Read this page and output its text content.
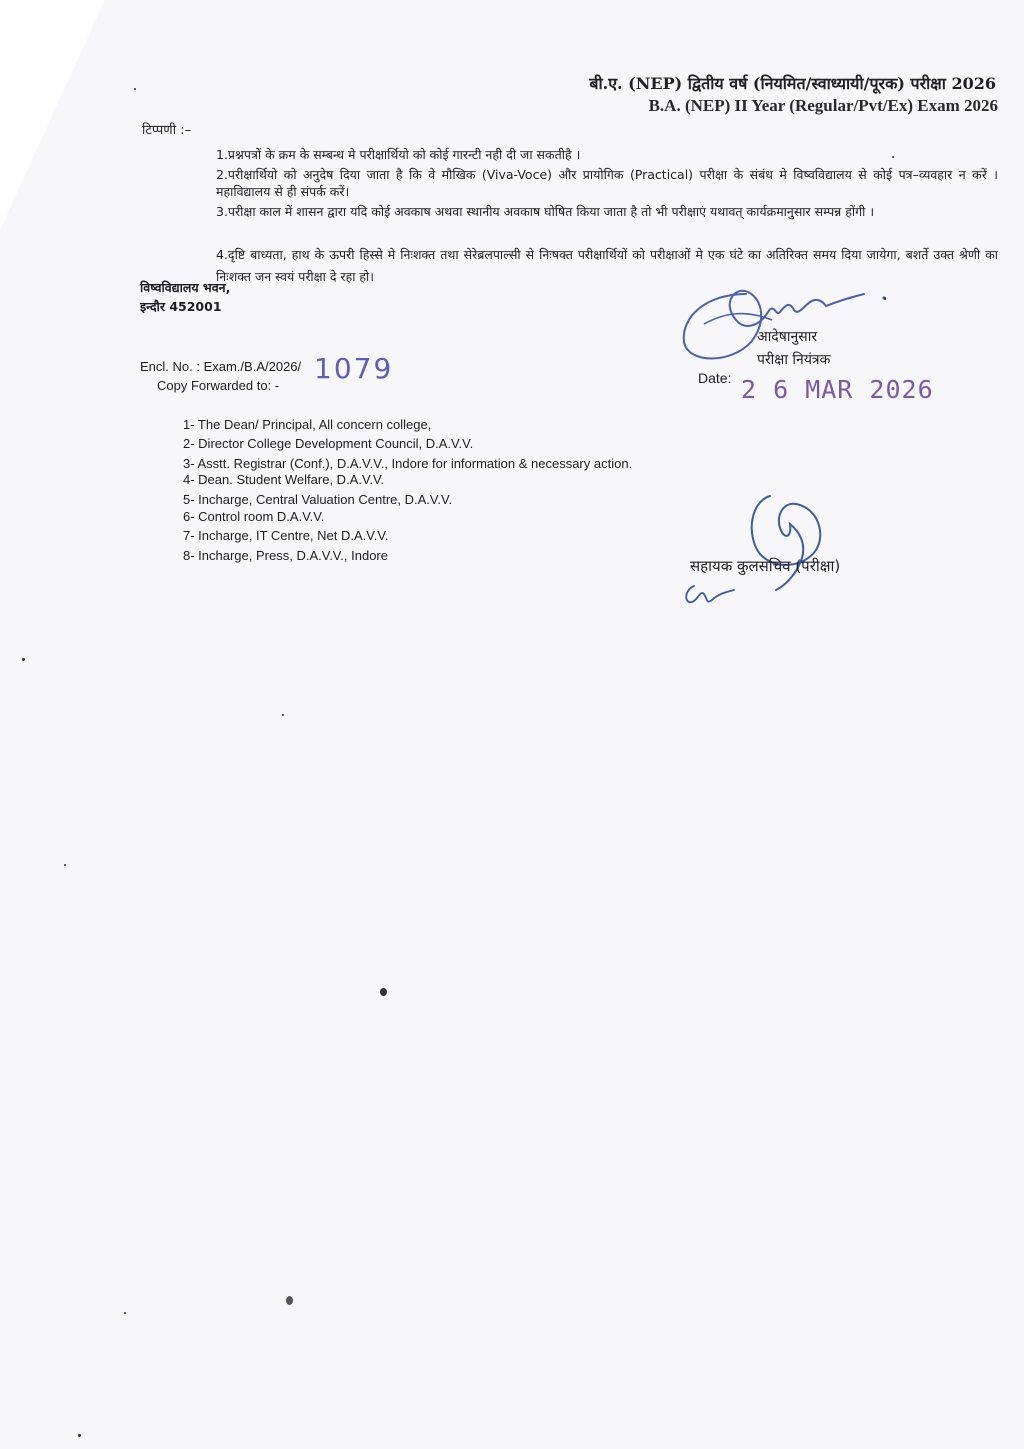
बी.ए. (NEP) द्वितीय वर्ष (नियमित/स्वाध्यायी/पूरक) परीक्षा 2026
B.A. (NEP) II Year (Regular/Pvt/Ex) Exam 2026
टिप्पणी :–
1.प्रश्नपत्रों के क्रम के सम्बन्ध मे परीक्षार्थियो को कोई गारन्टी नही दी जा सकतीहै ।
2.परीक्षार्थियो को अनुदेष दिया जाता है कि वे मौखिक (Viva-Voce) और प्रायोगिक (Practical) परीक्षा के संबंध मे विष्वविद्यालय से कोई पत्र–व्यवहार न करें । महाविद्यालय से ही संपर्क करें।
3.परीक्षा काल में शासन द्वारा यदि कोई अवकाष अथवा स्थानीय अवकाष घोषित किया जाता है तो भी परीक्षाएं यथावत् कार्यक्रमानुसार सम्पन्न होंगी ।
4.दृष्टि बाध्यता, हाथ के ऊपरी हिस्से मे निःशक्त तथा सेरेब्रलपाल्सी से निःषक्त परीक्षार्थियों को परीक्षाओं मे एक घंटे का अतिरिक्त समय दिया जायेगा, बशर्ते उक्त श्रेणी का निःशक्त जन स्वयं परीक्षा दे रहा हो।
विष्वविद्यालय भवन,
इन्दौर 452001
आदेषानुसार
परीक्षा नियंत्रक
Encl. No. : Exam./B.A/2026/ 1079
Copy Forwarded to: -	Date: 2 6 MAR 2026
1- The Dean/ Principal, All concern college,
2- Director College Development Council, D.A.V.V.
3- Asstt. Registrar (Conf.), D.A.V.V., Indore for information & necessary action.
4- Dean. Student Welfare, D.A.V.V.
5- Incharge, Central Valuation Centre, D.A.V.V.
6- Control room D.A.V.V.
7- Incharge, IT Centre, Net D.A.V.V.
8- Incharge, Press, D.A.V.V., Indore
सहायक कुलसचिव (परीक्षा)
